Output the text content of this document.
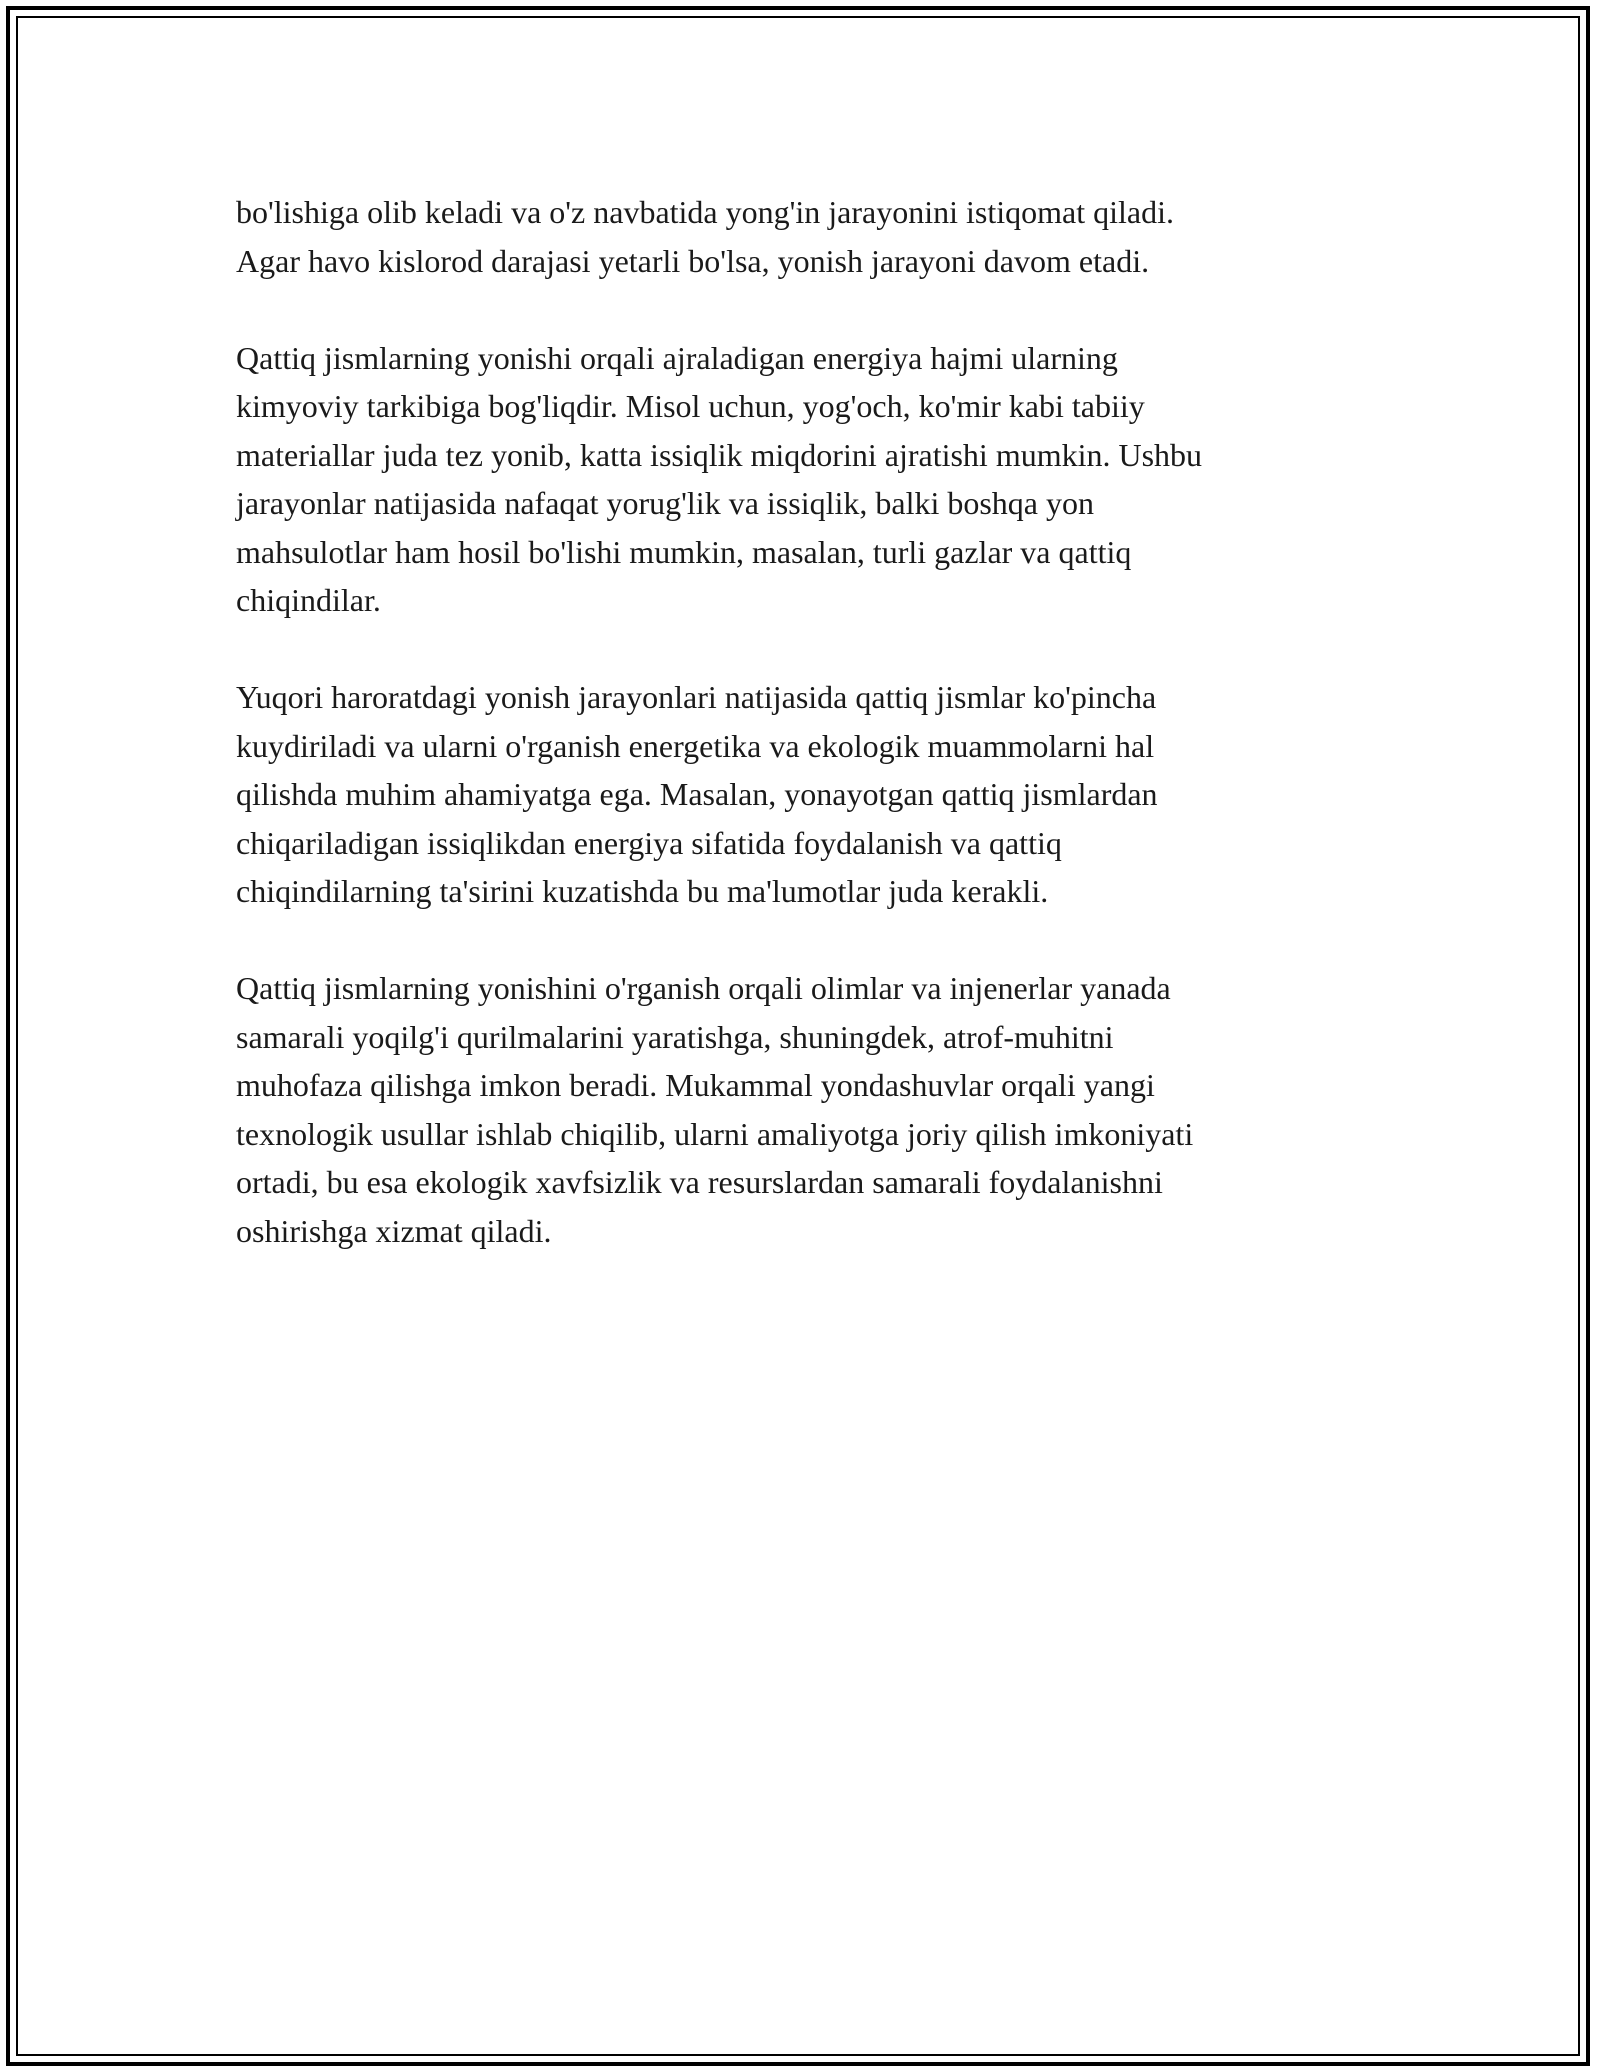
bo'lishiga olib keladi va o'z navbatida yong'in jarayonini istiqomat qiladi.
Agar havo kislorod darajasi yetarli bo'lsa, yonish jarayoni davom etadi.

Qattiq jismlarning yonishi orqali ajraladigan energiya hajmi ularning
kimyoviy tarkibiga bog'liqdir. Misol uchun, yog'och, ko'mir kabi tabiiy
materiallar juda tez yonib, katta issiqlik miqdorini ajratishi mumkin. Ushbu
jarayonlar natijasida nafaqat yorug'lik va issiqlik, balki boshqa yon
mahsulotlar ham hosil bo'lishi mumkin, masalan, turli gazlar va qattiq
chiqindilar.

Yuqori haroratdagi yonish jarayonlari natijasida qattiq jismlar ko'pincha
kuydiriladi va ularni o'rganish energetika va ekologik muammolarni hal
qilishda muhim ahamiyatga ega. Masalan, yonayotgan qattiq jismlardan
chiqariladigan issiqlikdan energiya sifatida foydalanish va qattiq
chiqindilarning ta'sirini kuzatishda bu ma'lumotlar juda kerakli.

Qattiq jismlarning yonishini o'rganish orqali olimlar va injenerlar yanada
samarali yoqilg'i qurilmalarini yaratishga, shuningdek, atrof-muhitni
muhofaza qilishga imkon beradi. Mukammal yondashuvlar orqali yangi
texnologik usullar ishlab chiqilib, ularni amaliyotga joriy qilish imkoniyati
ortadi, bu esa ekologik xavfsizlik va resurslardan samarali foydalanishni
oshirishga xizmat qiladi.
